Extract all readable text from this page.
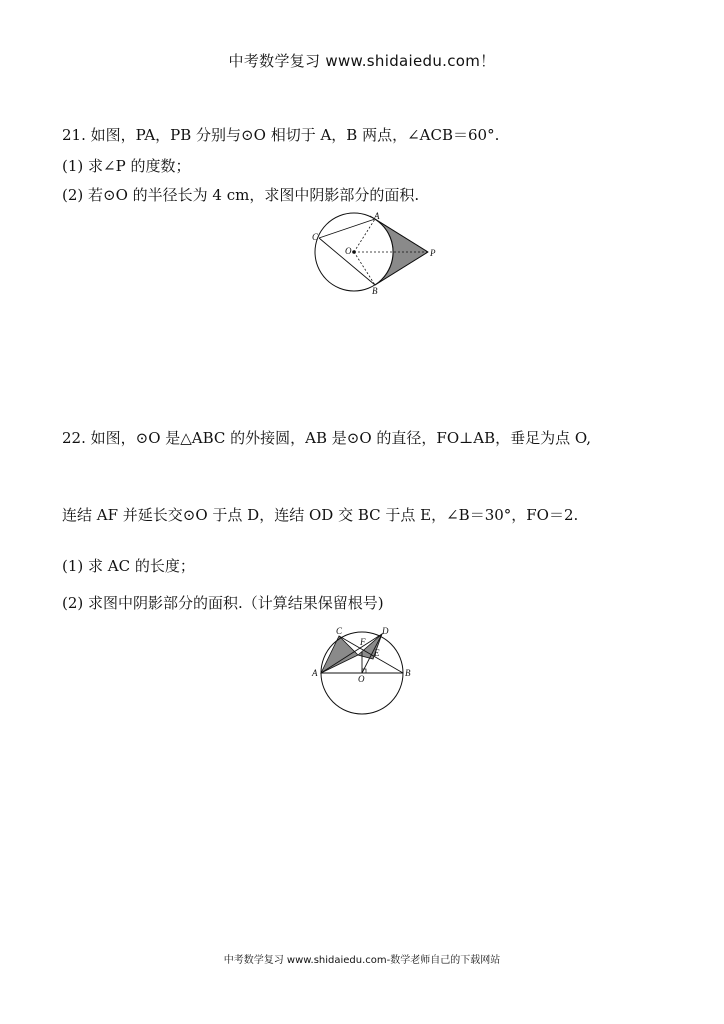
中考数学复习 www.shidaiedu.com！
21. 如图，PA，PB 分别与⊙O 相切于 A，B 两点，∠ACB＝60°.
(1) 求∠P 的度数；
(2) 若⊙O 的半径长为 4 cm，求图中阴影部分的面积.
A
B
C
O	P
22. 如图，⊙O 是△ABC 的外接圆，AB 是⊙O 的直径，FO⊥AB，垂足为点 O,
连结 AF 并延长交⊙O 于点 D，连结 OD 交 BC 于点 E，∠B＝30°，FO＝2.
(1) 求 AC 的长度；
(2) 求图中阴影部分的面积.（计算结果保留根号)
A	B
C	D
E
F
O
中考数学复习 www.shidaiedu.com-数学老师自己的下载网站
